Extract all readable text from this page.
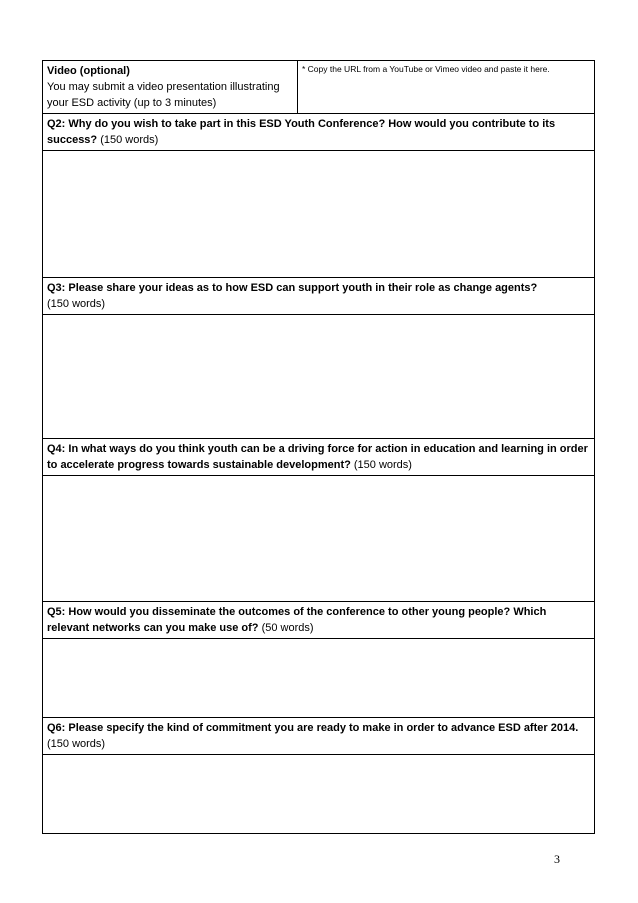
Video (optional)
You may submit a video presentation illustrating your ESD activity (up to 3 minutes)
	* Copy the URL from a YouTube or Vimeo video and paste it here.
Q2: Why do you wish to take part in this ESD Youth Conference? How would you contribute to its success? (150 words)

Q3: Please share your ideas as to how ESD can support youth in their role as change agents?
(150 words)

Q4: In what ways do you think youth can be a driving force for action in education and learning in order to accelerate progress towards sustainable development? (150 words)

Q5: How would you disseminate the outcomes of the conference to other young people? Which relevant networks can you make use of? (50 words)

Q6: Please specify the kind of commitment you are ready to make in order to advance ESD after 2014. (150 words)

3
